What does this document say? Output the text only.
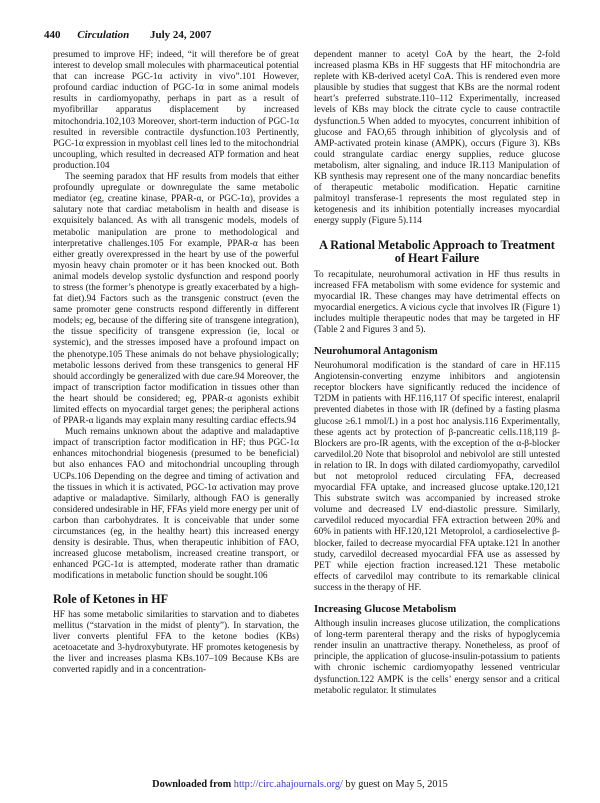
440 Circulation July 24, 2007

presumed to improve HF; indeed, “it will therefore be of great interest to develop small molecules with pharmaceutical potential that can increase PGC-1α activity in vivo”.101 However, profound cardiac induction of PGC-1α in some animal models results in cardiomyopathy, perhaps in part as a result of myofibrillar apparatus displacement by increased mitochondria.102,103 Moreover, short-term induction of PGC-1α resulted in reversible contractile dysfunction.103 Pertinently, PGC-1α expression in myoblast cell lines led to the mitochondrial uncoupling, which resulted in decreased ATP formation and heat production.104

The seeming paradox that HF results from models that either profoundly upregulate or downregulate the same metabolic mediator (eg, creatine kinase, PPAR-α, or PGC-1α), provides a salutary note that cardiac metabolism in health and disease is exquisitely balanced. As with all transgenic models, models of metabolic manipulation are prone to methodological and interpretative challenges.105 For example, PPAR-α has been either greatly overexpressed in the heart by use of the powerful myosin heavy chain promoter or it has been knocked out. Both animal models develop systolic dysfunction and respond poorly to stress (the former’s phenotype is greatly exacerbated by a high-fat diet).94 Factors such as the transgenic construct (even the same promoter gene constructs respond differently in different models; eg, because of the differing site of transgene integration), the tissue specificity of transgene expression (ie, local or systemic), and the stresses imposed have a profound impact on the phenotype.105 These animals do not behave physiologically; metabolic lessons derived from these transgenics to general HF should accordingly be generalized with due care.94 Moreover, the impact of transcription factor modification in tissues other than the heart should be considered; eg, PPAR-α agonists exhibit limited effects on myocardial target genes; the peripheral actions of PPAR-α ligands may explain many resulting cardiac effects.94

Much remains unknown about the adaptive and maladaptive impact of transcription factor modification in HF; thus PGC-1α enhances mitochondrial biogenesis (presumed to be beneficial) but also enhances FAO and mitochondrial uncoupling through UCPs.106 Depending on the degree and timing of activation and the tissues in which it is activated, PGC-1α activation may prove adaptive or maladaptive. Similarly, although FAO is generally considered undesirable in HF, FFAs yield more energy per unit of carbon than carbohydrates. It is conceivable that under some circumstances (eg, in the healthy heart) this increased energy density is desirable. Thus, when therapeutic inhibition of FAO, increased glucose metabolism, increased creatine transport, or enhanced PGC-1α is attempted, moderate rather than dramatic modifications in metabolic function should be sought.106

Role of Ketones in HF

HF has some metabolic similarities to starvation and to diabetes mellitus (“starvation in the midst of plenty”). In starvation, the liver converts plentiful FFA to the ketone bodies (KBs) acetoacetate and 3-hydroxybutyrate. HF promotes ketogenesis by the liver and increases plasma KBs.107–109 Because KBs are converted rapidly and in a concentration-

dependent manner to acetyl CoA by the heart, the 2-fold increased plasma KBs in HF suggests that HF mitochondria are replete with KB-derived acetyl CoA. This is rendered even more plausible by studies that suggest that KBs are the normal rodent heart’s preferred substrate.110–112 Experimentally, increased levels of KBs may block the citrate cycle to cause contractile dysfunction.5 When added to myocytes, concurrent inhibition of glucose and FAO,65 through inhibition of glycolysis and of AMP-activated protein kinase (AMPK), occurs (Figure 3). KBs could strangulate cardiac energy supplies, reduce glucose metabolism, alter signaling, and induce IR.113 Manipulation of KB synthesis may represent one of the many noncardiac benefits of therapeutic metabolic modification. Hepatic carnitine palmitoyl transferase-1 represents the most regulated step in ketogenesis and its inhibition potentially increases myocardial energy supply (Figure 5).114

A Rational Metabolic Approach to Treatment of Heart Failure

To recapitulate, neurohumoral activation in HF thus results in increased FFA metabolism with some evidence for systemic and myocardial IR. These changes may have detrimental effects on myocardial energetics. A vicious cycle that involves IR (Figure 1) includes multiple therapeutic nodes that may be targeted in HF (Table 2 and Figures 3 and 5).

Neurohumoral Antagonism

Neurohumoral modification is the standard of care in HF.115 Angiotensin-converting enzyme inhibitors and angiotensin receptor blockers have significantly reduced the incidence of T2DM in patients with HF.116,117 Of specific interest, enalapril prevented diabetes in those with IR (defined by a fasting plasma glucose ≥6.1 mmol/L) in a post hoc analysis.116 Experimentally, these agents act by protection of β-pancreatic cells.118,119 β-Blockers are pro-IR agents, with the exception of the α-β-blocker carvedilol.20 Note that bisoprolol and nebivolol are still untested in relation to IR. In dogs with dilated cardiomyopathy, carvedilol but not metoprolol reduced circulating FFA, decreased myocardial FFA uptake, and increased glucose uptake.120,121 This substrate switch was accompanied by increased stroke volume and decreased LV end-diastolic pressure. Similarly, carvedilol reduced myocardial FFA extraction between 20% and 60% in patients with HF.120,121 Metoprolol, a cardioselective β-blocker, failed to decrease myocardial FFA uptake.121 In another study, carvedilol decreased myocardial FFA use as assessed by PET while ejection fraction increased.121 These metabolic effects of carvedilol may contribute to its remarkable clinical success in the therapy of HF.

Increasing Glucose Metabolism

Although insulin increases glucose utilization, the complications of long-term parenteral therapy and the risks of hypoglycemia render insulin an unattractive therapy. Nonetheless, as proof of principle, the application of glucose-insulin-potassium to patients with chronic ischemic cardiomyopathy lessened ventricular dysfunction.122 AMPK is the cells’ energy sensor and a critical metabolic regulator. It stimulates

Downloaded from http://circ.ahajournals.org/ by guest on May 5, 2015
